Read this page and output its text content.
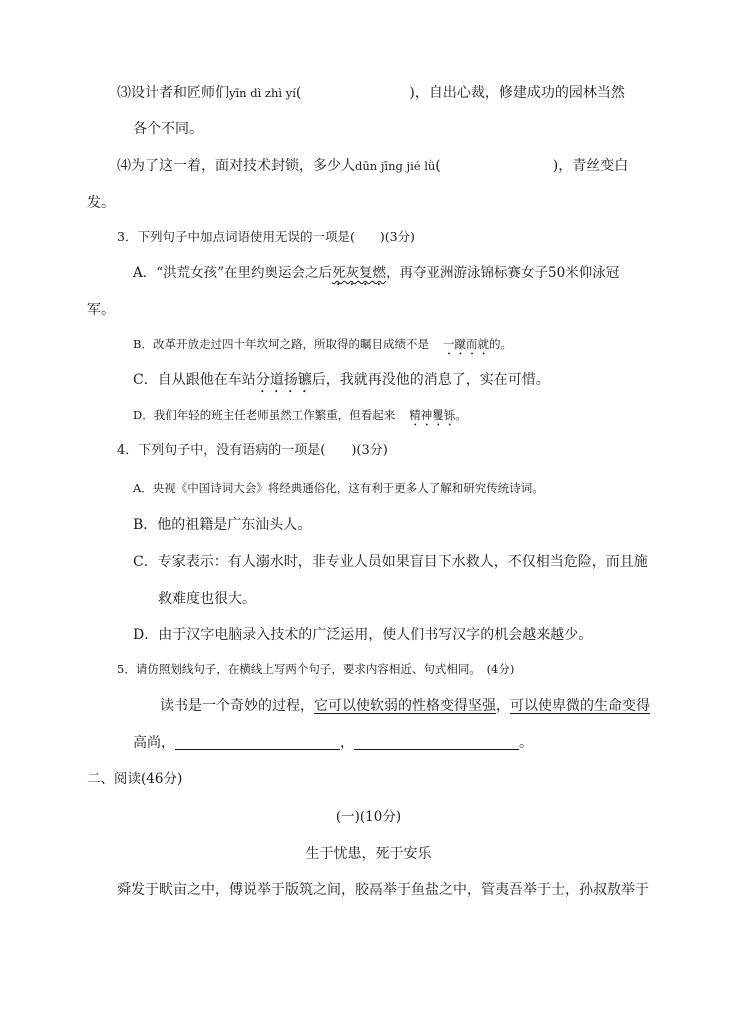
⑶设计者和匠师们yīn dì zhì yí(	)，自出心裁，修建成功的园林当然
各个不同。
⑷为了这一着，面对技术封锁，多少人dūn jīng jié lǜ(	)，青丝变白
发。
3．下列句子中加点词语使用无误的一项是(　　)(3分)
A．“洪荒女孩”在里约奥运会之后死灰复燃，再夺亚洲游泳锦标赛女子50米仰泳冠
军。
B．改革开放走过四十年坎坷之路，所取得的瞩目成绩不是 一蹴而就的。
C．自从跟他在车站分道扬镳后，我就再没他的消息了，实在可惜。
D．我们年轻的班主任老师虽然工作繁重，但看起来 精神矍铄。
4．下列句子中，没有语病的一项是(　　)(3分)
A．央视《中国诗词大会》将经典通俗化，这有利于更多人了解和研究传统诗词。
B．他的祖籍是广东汕头人。
C．专家表示：有人溺水时，非专业人员如果盲目下水救人，不仅相当危险，而且施
救难度也很大。
D．由于汉字电脑录入技术的广泛运用，使人们书写汉字的机会越来越少。
5．请仿照划线句子，在横线上写两个句子，要求内容相近、句式相同。　(4分)
读书是一个奇妙的过程，它可以使软弱的性格变得坚强，可以使卑微的生命变得
高尚，	，	。
二、阅读(46分)
(一)(10分)
生于忧患，死于安乐
舜发于畎亩之中，傅说举于版筑之间，胶鬲举于鱼盐之中，管夷吾举于士，孙叔敖举于
